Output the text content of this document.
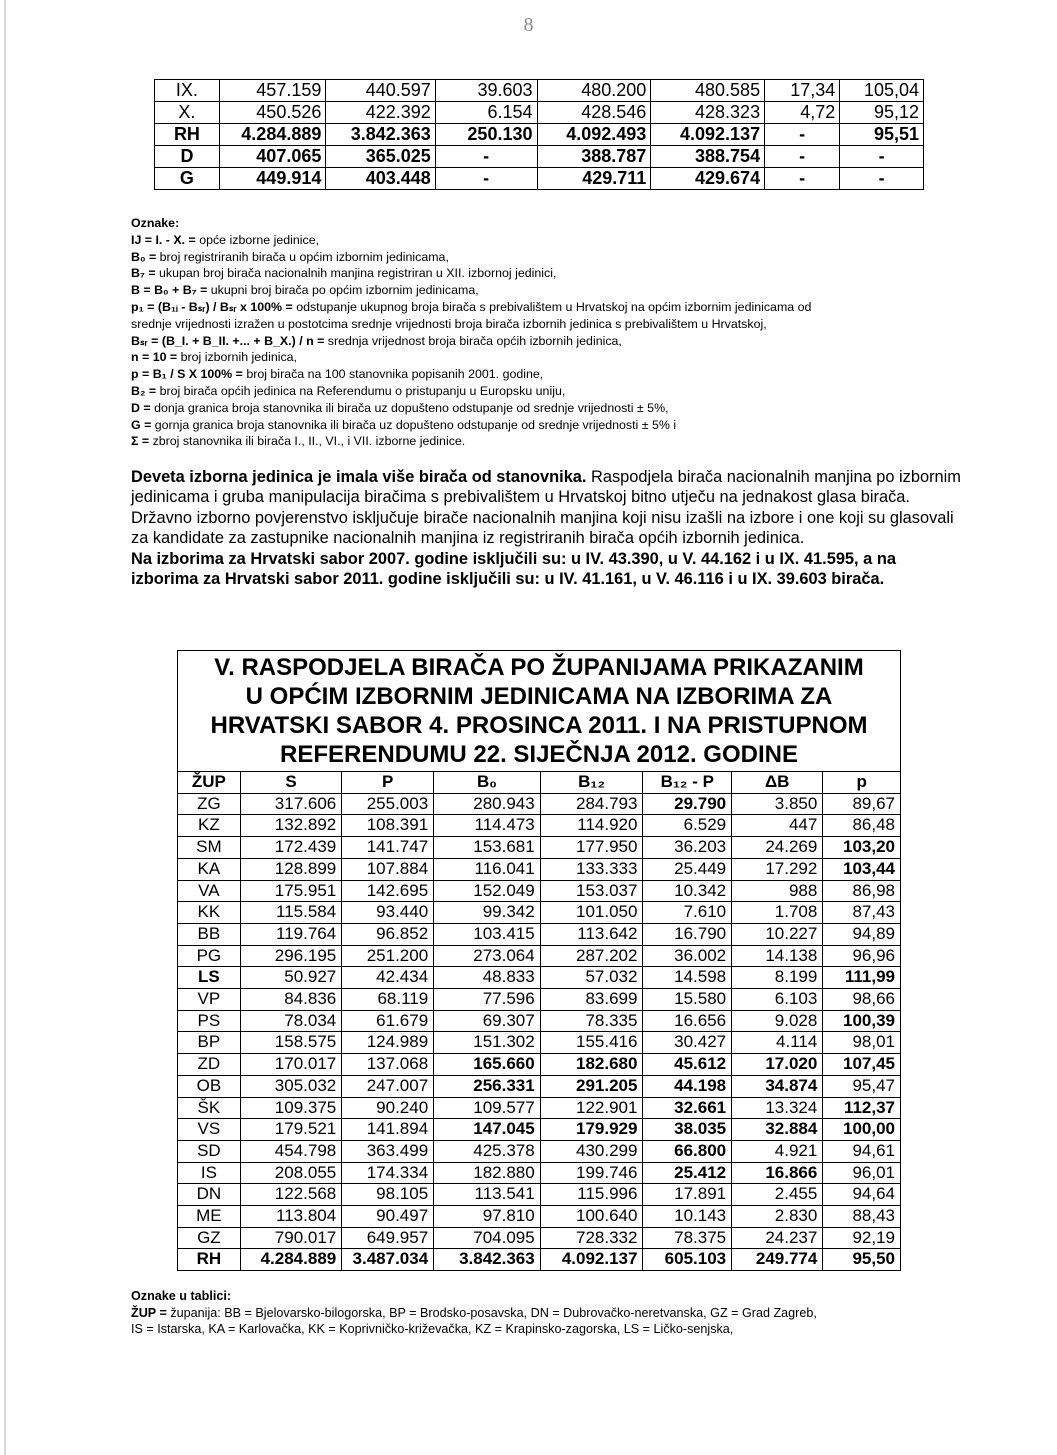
8
IX.	457.159	440.597	39.603	480.200	480.585	17,34	105,04
X.	450.526	422.392	6.154	428.546	428.323	4,72	95,12
RH	4.284.889	3.842.363	250.130	4.092.493	4.092.137	-	95,51
D	407.065	365.025	-	388.787	388.754	-	-
G	449.914	403.448	-	429.711	429.674	-	-
Oznake:
IJ = I. - X. = opće izborne jedinice,
B₀ = broj registriranih birača u općim izbornim jedinicama,
B₇ = ukupan broj birača nacionalnih manjina registriran u XII. izbornoj jedinici,
B = B₀ + B₇ = ukupni broj birača po općim izbornim jedinicama,
p₁ = (B₁ᵢ - Bₛᵣ) / Bₛᵣ x 100% = odstupanje ukupnog broja birača s prebivalištem u Hrvatskoj na općim izbornim jedinicama od
srednje vrijednosti izražen u postotcima srednje vrijednosti broja birača izbornih jedinica s prebivalištem u Hrvatskoj,
Bₛᵣ = (B_I. + B_II. +... + B_X.) / n = srednja vrijednost broja birača općih izbornih jedinica,
n = 10 = broj izbornih jedinica,
p = B₁ / S X 100% = broj birača na 100 stanovnika popisanih 2001. godine,
B₂ = broj birača općih jedinica na Referendumu o pristupanju u Europsku uniju,
D = donja granica broja stanovnika ili birača uz dopušteno odstupanje od srednje vrijednosti ± 5%,
G = gornja granica broja stanovnika ili birača uz dopušteno odstupanje od srednje vrijednosti ± 5% i
Σ = zbroj stanovnika ili birača I., II., VI., i VII. izborne jedinice.

Deveta izborna jedinica je imala više birača od stanovnika. Raspodjela birača nacionalnih manjina po izbornim jedinicama i gruba manipulacija biračima s prebivalištem u Hrvatskoj bitno utječu na jednakost glasa birača. Državno izborno povjerenstvo isključuje birače nacionalnih manjina koji nisu izašli na izbore i one koji su glasovali za kandidate za zastupnike nacionalnih manjina iz registriranih birača općih izbornih jedinica.

Na izborima za Hrvatski sabor 2007. godine isključili su: u IV. 43.390, u V. 44.162 i u IX. 41.595, a na izborima za Hrvatski sabor 2011. godine isključili su: u IV. 41.161, u V. 46.116 i u IX. 39.603 birača.

V. RASPODJELA BIRAČA PO ŽUPANIJAMA PRIKAZANIM
U OPĆIM IZBORNIM JEDINICAMA NA IZBORIMA ZA
HRVATSKI SABOR 4. PROSINCA 2011. I NA PRISTUPNOM
REFERENDUMU 22. SIJEČNJA 2012. GODINE							

ŽUP	S	P	B₀	B₁₂	B₁₂ - P	ΔB	p
ZG	317.606	255.003	280.943	284.793	29.790	3.850	89,67
KZ	132.892	108.391	114.473	114.920	6.529	447	86,48
SM	172.439	141.747	153.681	177.950	36.203	24.269	103,20
KA	128.899	107.884	116.041	133.333	25.449	17.292	103,44
VA	175.951	142.695	152.049	153.037	10.342	988	86,98
KK	115.584	93.440	99.342	101.050	7.610	1.708	87,43
BB	119.764	96.852	103.415	113.642	16.790	10.227	94,89
PG	296.195	251.200	273.064	287.202	36.002	14.138	96,96
LS	50.927	42.434	48.833	57.032	14.598	8.199	111,99
VP	84.836	68.119	77.596	83.699	15.580	6.103	98,66
PS	78.034	61.679	69.307	78.335	16.656	9.028	100,39
BP	158.575	124.989	151.302	155.416	30.427	4.114	98,01
ZD	170.017	137.068	165.660	182.680	45.612	17.020	107,45
OB	305.032	247.007	256.331	291.205	44.198	34.874	95,47
ŠK	109.375	90.240	109.577	122.901	32.661	13.324	112,37
VS	179.521	141.894	147.045	179.929	38.035	32.884	100,00
SD	454.798	363.499	425.378	430.299	66.800	4.921	94,61
IS	208.055	174.334	182.880	199.746	25.412	16.866	96,01
DN	122.568	98.105	113.541	115.996	17.891	2.455	94,64
ME	113.804	90.497	97.810	100.640	10.143	2.830	88,43
GZ	790.017	649.957	704.095	728.332	78.375	24.237	92,19
RH	4.284.889	3.487.034	3.842.363	4.092.137	605.103	249.774	95,50
Oznake u tablici:
ŽUP = županija: BB = Bjelovarsko-bilogorska, BP = Brodsko-posavska, DN = Dubrovačko-neretvanska, GZ = Grad Zagreb,
IS = Istarska, KA = Karlovačka, KK = Koprivničko-križevačka, KZ = Krapinsko-zagorska, LS = Ličko-senjska,
